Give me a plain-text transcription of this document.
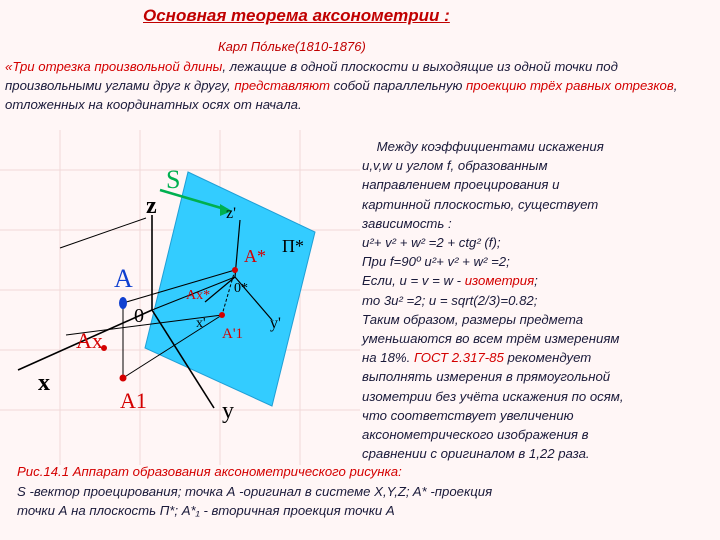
Основная теорема аксонометрии :
Карл Пóльке(1810-1876)
«Три отрезка произвольной длины, лежащие в одной плоскости и выходящие из одной точки под произвольными углами друг к другу, представляют собой параллельную проекцию трёх равных отрезков, отложенных на координатных осях от начала.
S
z	z'
A* П*
A	0*
Ax*
0	x'
A'1
y'
Ax
x
A1	y
Между коэффициентами искажения
u,v,w и углом f, образованным
направлением проецирования и
картинной плоскостью, существует
зависимость :
u²+ v² + w² =2 + ctg² (f);
При f=90º u²+ v² + w² =2;
Если, u = v = w - изометрия;
то 3u² =2; u = sqrt(2/3)=0.82;
Таким образом, размеры предмета
уменьшаются во всем трём измерениям
на 18%. ГОСТ 2.317-85 рекомендует
выполнять измерения в прямоугольной
изометрии без учёта искажения по осям,
что соответствует увеличению
аксонометрического изображения в
сравнении с оригиналом в 1,22 раза.
Рис.14.1 Аппарат образования аксонометрического рисунка:
S -вектор проецирования; точка А -оригинал в системе X,Y,Z; A* -проекция
точки А на плоскость П*; A*₁ - вторичная проекция точки А
